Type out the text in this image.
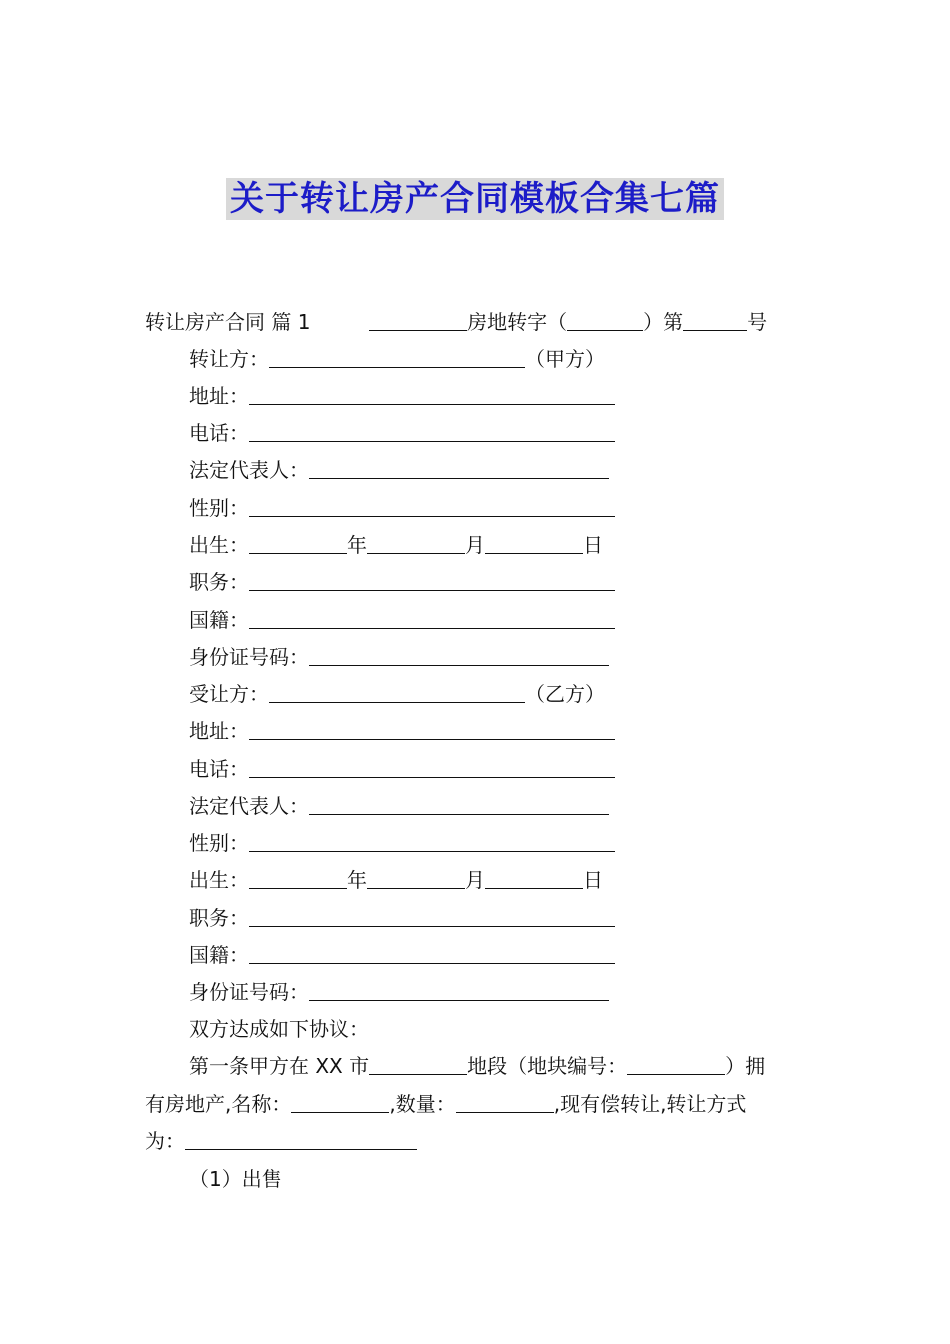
关于转让房产合同模板合集七篇
转让房产合同 篇 1	房地转字（	）第	号
转让方：	（甲方）
地址：
电话：
法定代表人：
性别：
出生：	年	月	日
职务：
国籍：
身份证号码：
受让方：	（乙方）
地址：
电话：
法定代表人：
性别：
出生：	年	月	日
职务：
国籍：
身份证号码：
双方达成如下协议：
第一条甲方在 XX 市	地段（地块编号：	）拥
有房地产,名称：	,数量：	,现有偿转让,转让方式
为：
（1）出售
